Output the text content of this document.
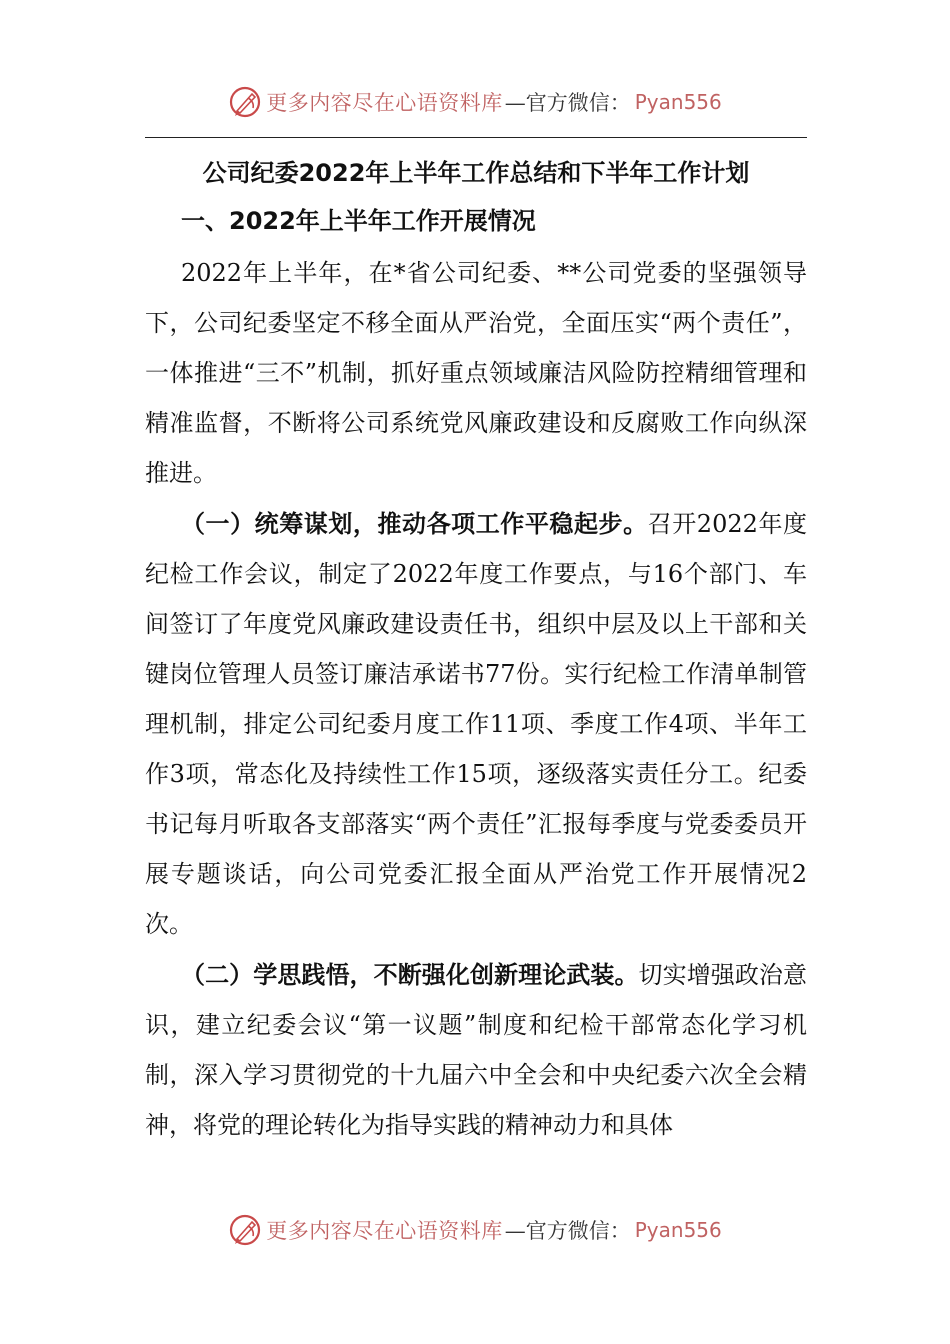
更多内容尽在心语资料库 —官方微信： Pyan556
公司纪委2022年上半年工作总结和下半年工作计划
一、2022年上半年工作开展情况

2022年上半年，在*省公司纪委、**公司党委的坚强领导下，公司纪委坚定不移全面从严治党，全面压实“两个责任”，一体推进“三不”机制，抓好重点领域廉洁风险防控精细管理和精准监督，不断将公司系统党风廉政建设和反腐败工作向纵深推进。

（一）统筹谋划，推动各项工作平稳起步。召开2022年度纪检工作会议，制定了2022年度工作要点，与16个部门、车间签订了年度党风廉政建设责任书，组织中层及以上干部和关键岗位管理人员签订廉洁承诺书77份。实行纪检工作清单制管理机制，排定公司纪委月度工作11项、季度工作4项、半年工作3项，常态化及持续性工作15项，逐级落实责任分工。纪委书记每月听取各支部落实“两个责任”汇报每季度与党委委员开展专题谈话，向公司党委汇报全面从严治党工作开展情况2次。

（二）学思践悟，不断强化创新理论武装。切实增强政治意识，建立纪委会议“第一议题”制度和纪检干部常态化学习机制，深入学习贯彻党的十九届六中全会和中央纪委六次全会精神，将党的理论转化为指导实践的精神动力和具体

更多内容尽在心语资料库 —官方微信： Pyan556
